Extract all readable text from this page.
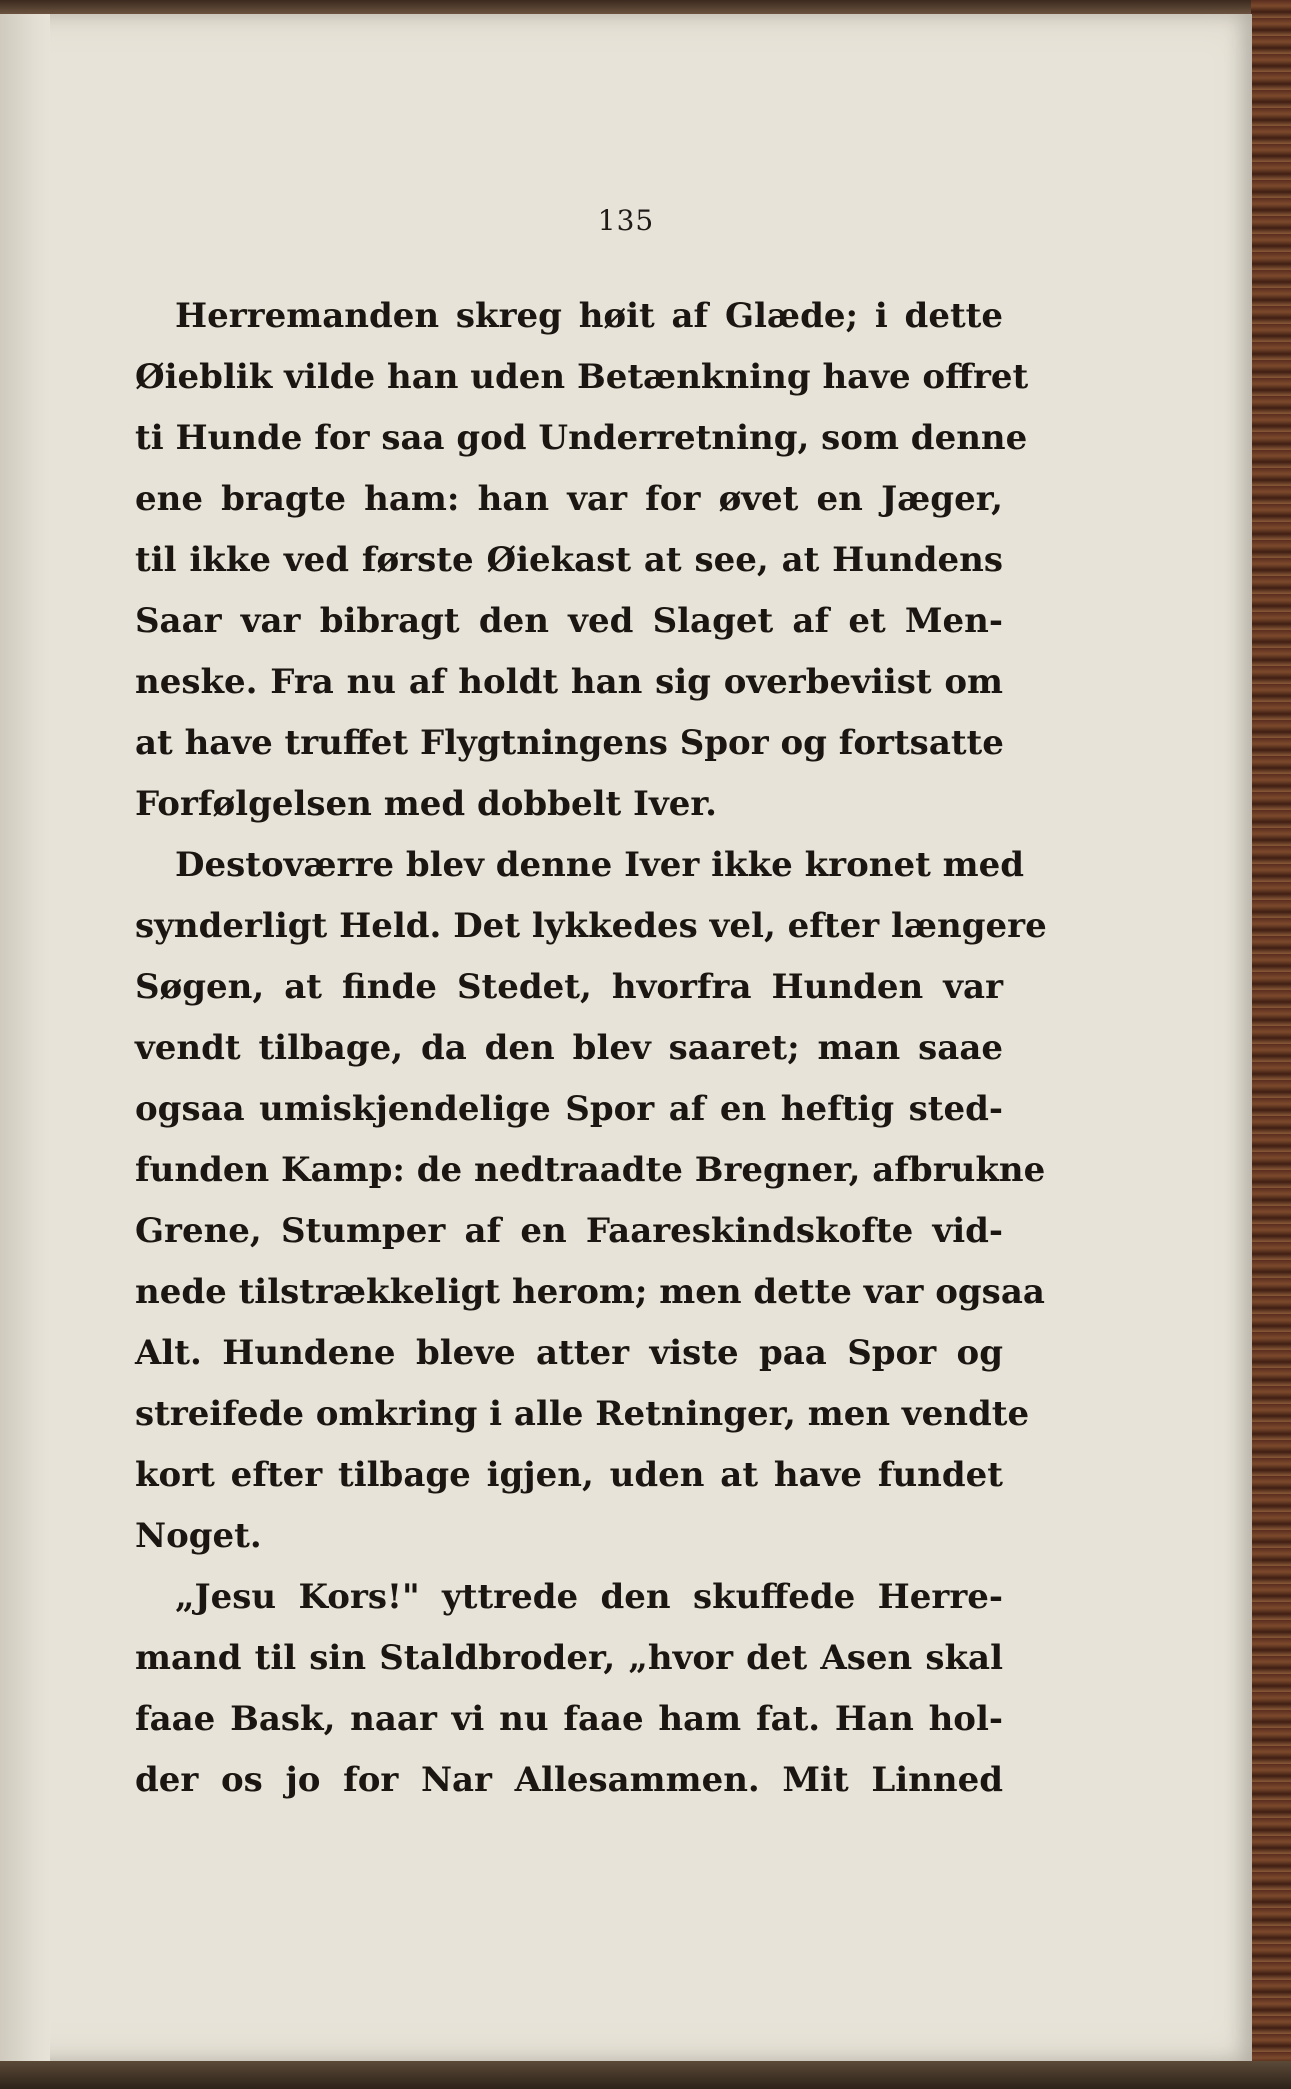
135
Herremanden skreg høit af Glæde; i dette
Øieblik vilde han uden Betænkning have offret
ti Hunde for saa god Underretning, som denne
ene bragte ham: han var for øvet en Jæger,
til ikke ved første Øiekast at see, at Hundens
Saar var bibragt den ved Slaget af et Men-
neske. Fra nu af holdt han sig overbeviist om
at have truffet Flygtningens Spor og fortsatte
Forfølgelsen med dobbelt Iver.
Destoværre blev denne Iver ikke kronet med
synderligt Held. Det lykkedes vel, efter længere
Søgen, at finde Stedet, hvorfra Hunden var
vendt tilbage, da den blev saaret; man saae
ogsaa umiskjendelige Spor af en heftig sted-
funden Kamp: de nedtraadte Bregner, afbrukne
Grene, Stumper af en Faareskindskofte vid-
nede tilstrækkeligt herom; men dette var ogsaa
Alt. Hundene bleve atter viste paa Spor og
streifede omkring i alle Retninger, men vendte
kort efter tilbage igjen, uden at have fundet
Noget.
„Jesu Kors!" yttrede den skuffede Herre-
mand til sin Staldbroder, „hvor det Asen skal
faae Bask, naar vi nu faae ham fat. Han hol-
der os jo for Nar Allesammen. Mit Linned
